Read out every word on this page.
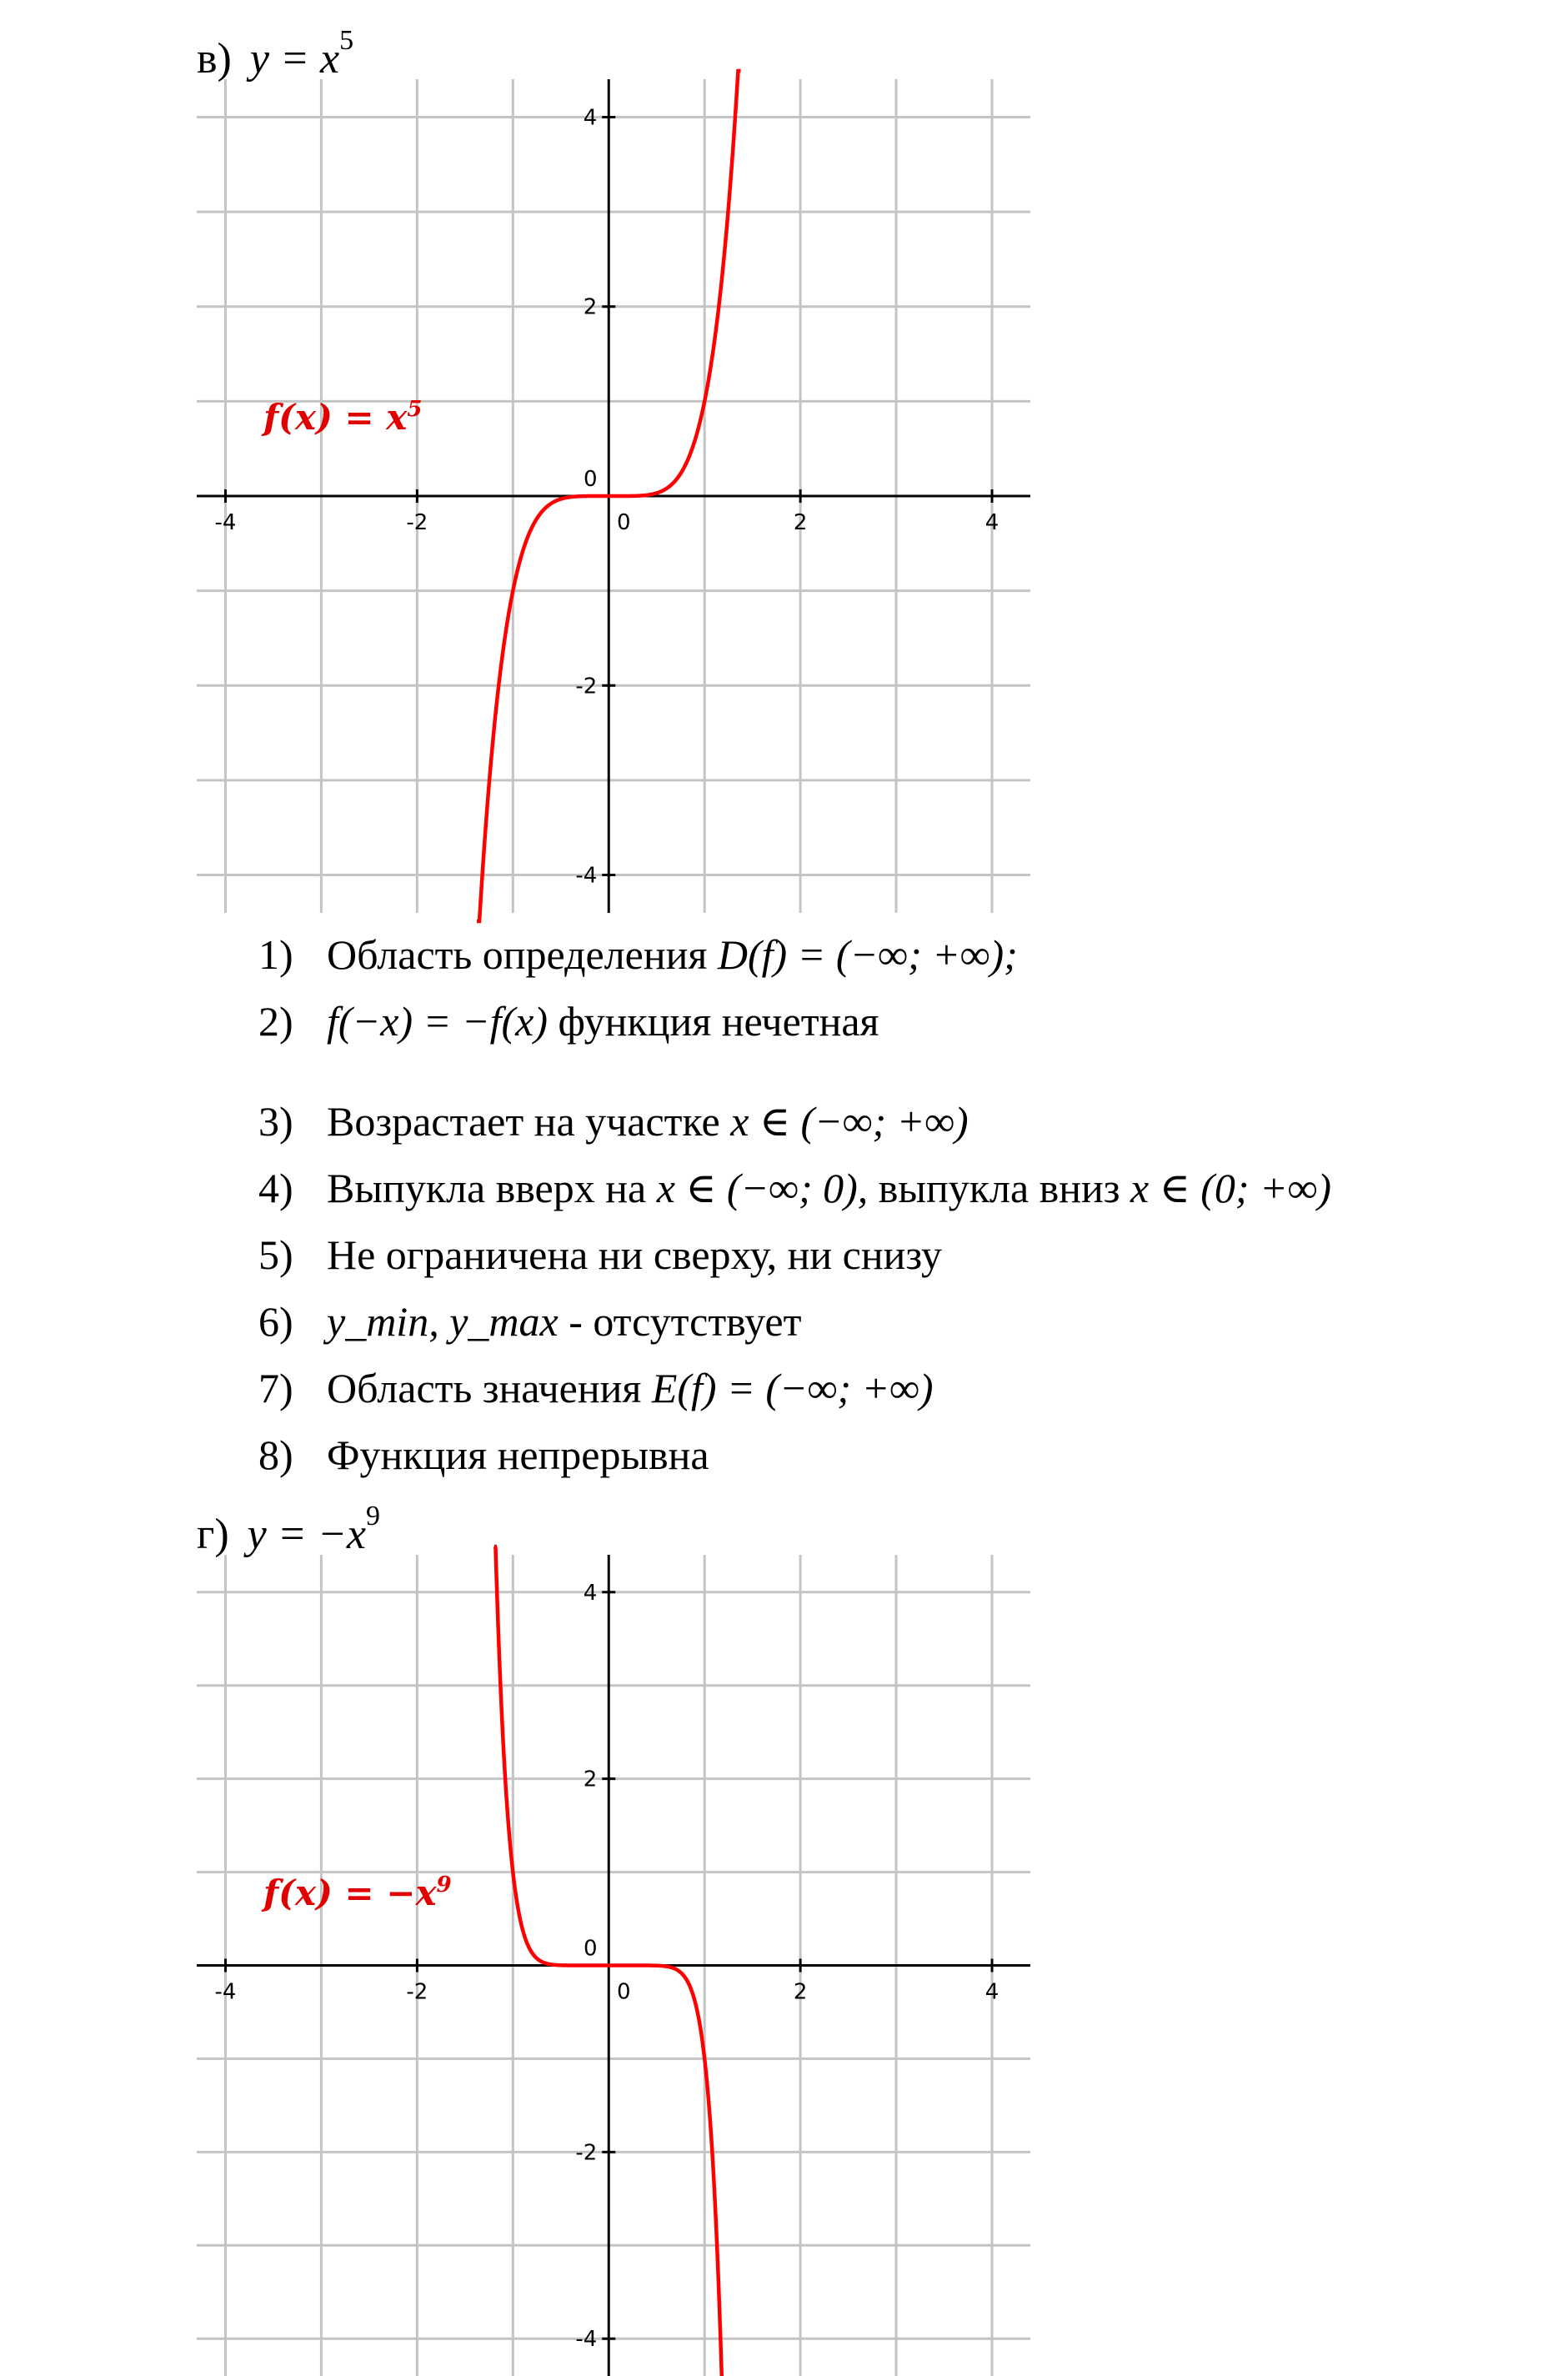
в) $y = x^5$
-4	-2	0
0
2	4
-4
-2
2
4
$f(x) = x^5$
1) Область определения D(f) = (−∞; +∞);
2) f(−x) = −f(x) функция нечетная
3) Возрастает на участке x ∈ (−∞; +∞)
4) Выпукла вверх на x ∈ (−∞; 0), выпукла вниз x ∈ (0; +∞)
5) Не ограничена ни сверху, ни снизу
6) y_min, y_max - отсутствует
7) Область значения E(f) = (−∞; +∞)
8) Функция непрерывна
г) $y = -x^9$
-4	-2	0
0
2	4
-4
-2
2
4
$f(x) = -x^9$
